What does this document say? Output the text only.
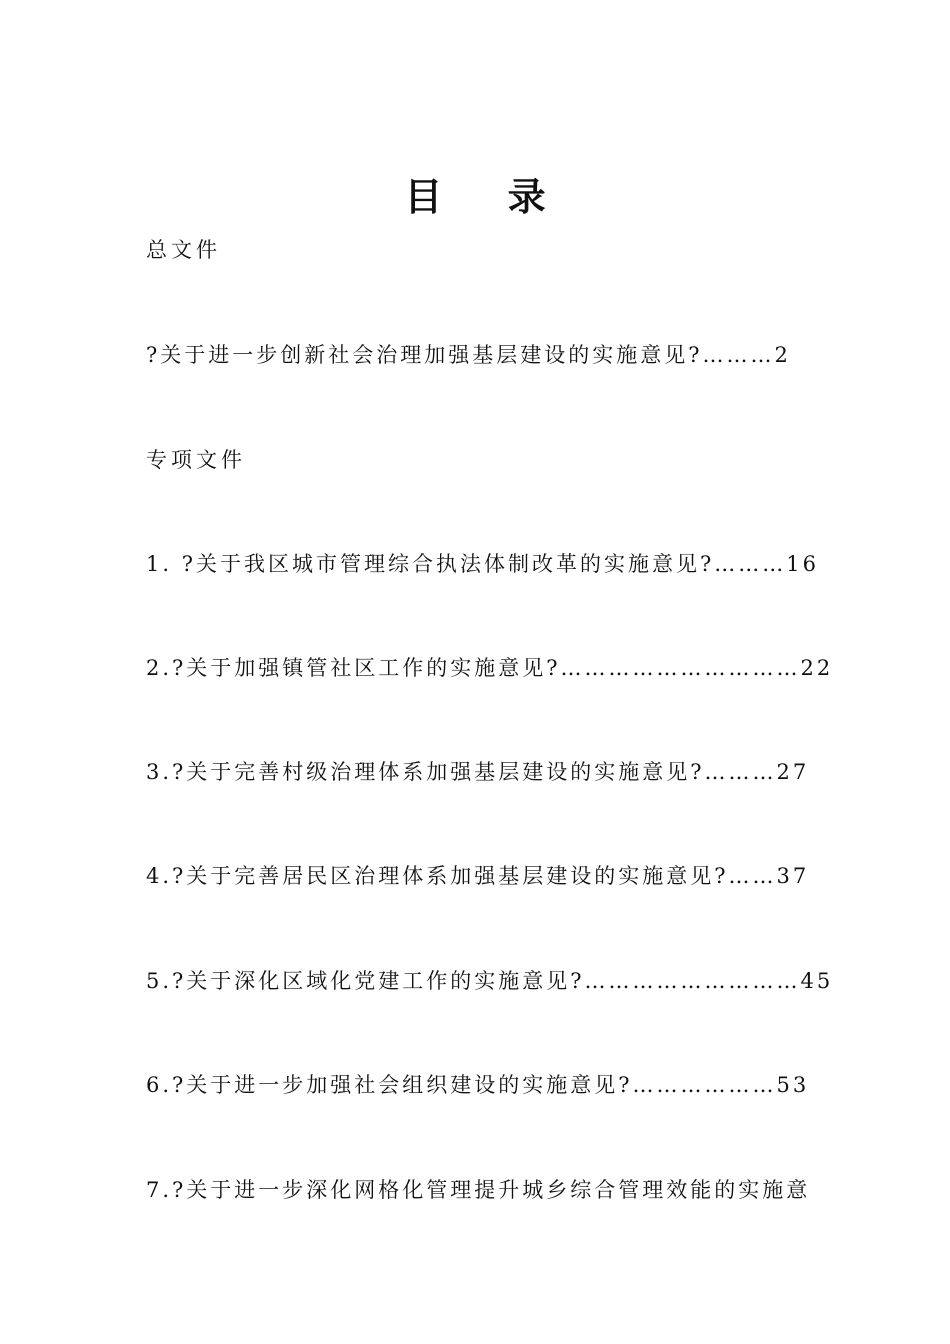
目 录
总文件
?关于进一步创新社会治理加强基层建设的实施意见?………2
专项文件
1. ?关于我区城市管理综合执法体制改革的实施意见?………16
2.?关于加强镇管社区工作的实施意见?…………………………22
3.?关于完善村级治理体系加强基层建设的实施意见?………27
4.?关于完善居民区治理体系加强基层建设的实施意见?……37
5.?关于深化区域化党建工作的实施意见?………………………45
6.?关于进一步加强社会组织建设的实施意见?………………53
7.?关于进一步深化网格化管理提升城乡综合管理效能的实施意
